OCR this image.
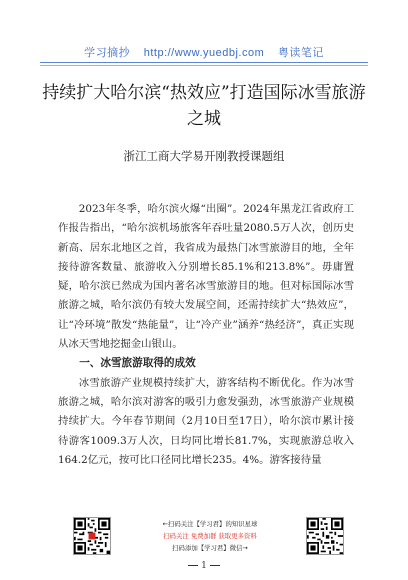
学习摘抄 http://www.yuedbj.com 粤读笔记
持续扩大哈尔滨“热效应”打造国际冰雪旅游之城
浙江工商大学易开刚教授课题组

2023年冬季，哈尔滨火爆“出圈”。2024年黑龙江省政府工作报告指出，“哈尔滨机场旅客年吞吐量2080.5万人次，创历史新高、居东北地区之首，我省成为最热门冰雪旅游目的地，全年接待游客数量、旅游收入分别增长85.1%和213.8%”。毋庸置疑，哈尔滨已然成为国内著名冰雪旅游目的地。但对标国际冰雪旅游之城，哈尔滨仍有较大发展空间，还需持续扩大“热效应”，让“冷环境”散发“热能量”，让“冷产业”涵养“热经济”，真正实现从冰天雪地挖掘金山银山。

一、冰雪旅游取得的成效

冰雪旅游产业规模持续扩大，游客结构不断优化。作为冰雪旅游之城，哈尔滨对游客的吸引力愈发强劲，冰雪旅游产业规模持续扩大。今年春节期间（2月10日至17日），哈尔滨市累计接待游客1009.3万人次，日均同比增长81.7%，实现旅游总收入164.2亿元，按可比口径同比增长235。4%。游客接待量

←扫码关注【学习君】的知识星球
扫码关注 免费加群 获取更多资料
扫码添加【学习君】微信→
1
